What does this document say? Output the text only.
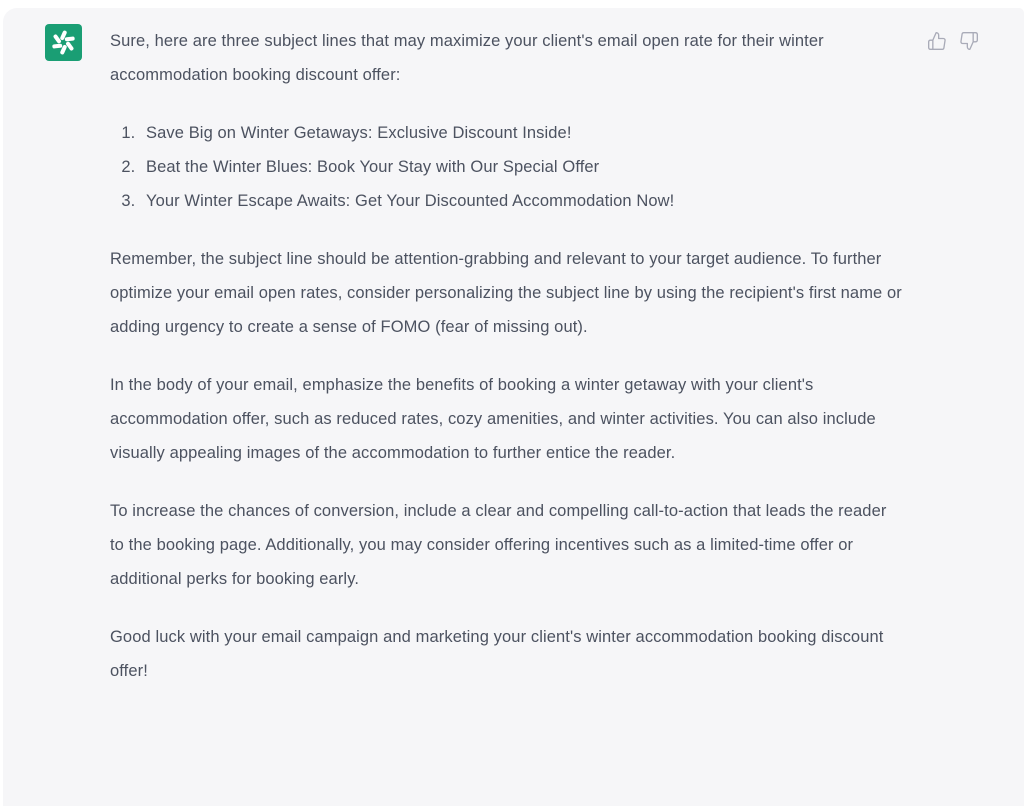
Sure, here are three subject lines that may maximize your client's email open rate for their winter accommodation booking discount offer:

1. Save Big on Winter Getaways: Exclusive Discount Inside!
2. Beat the Winter Blues: Book Your Stay with Our Special Offer
3. Your Winter Escape Awaits: Get Your Discounted Accommodation Now!

Remember, the subject line should be attention-grabbing and relevant to your target audience. To further optimize your email open rates, consider personalizing the subject line by using the recipient's first name or adding urgency to create a sense of FOMO (fear of missing out).

In the body of your email, emphasize the benefits of booking a winter getaway with your client's accommodation offer, such as reduced rates, cozy amenities, and winter activities. You can also include visually appealing images of the accommodation to further entice the reader.

To increase the chances of conversion, include a clear and compelling call-to-action that leads the reader to the booking page. Additionally, you may consider offering incentives such as a limited-time offer or additional perks for booking early.

Good luck with your email campaign and marketing your client's winter accommodation booking discount offer!
